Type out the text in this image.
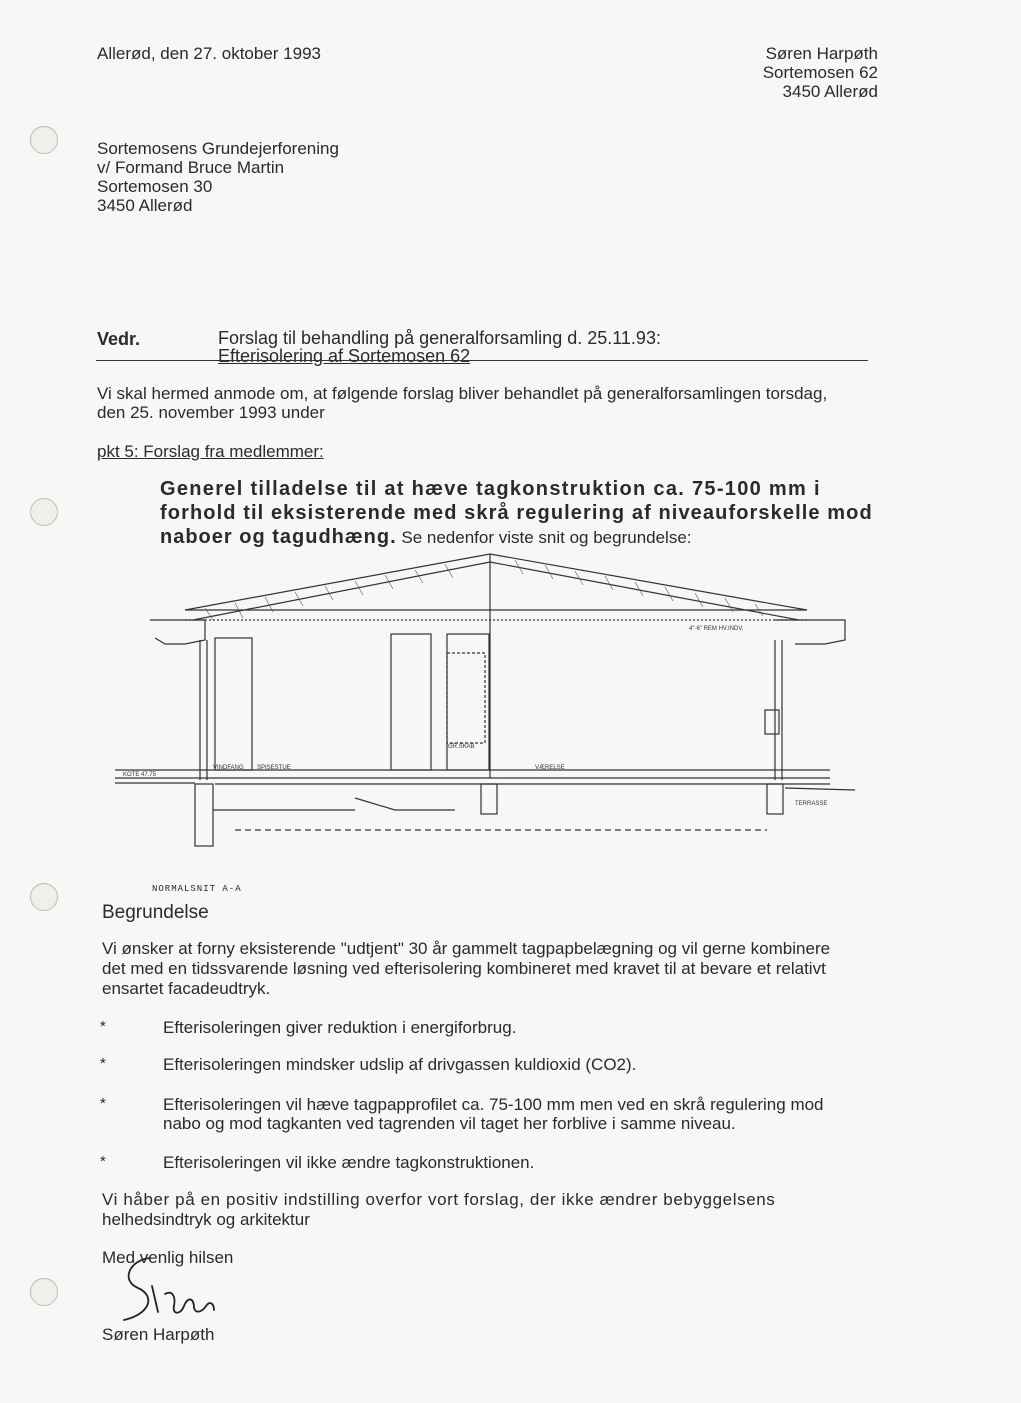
Allerød, den 27. oktober 1993	Søren Harpøth
Sortemosen 62
3450 Allerød
Sortemosens Grundejerforening
v/ Formand Bruce Martin
Sortemosen 30
3450 Allerød
Vedr.	Forslag til behandling på generalforsamling d. 25.11.93:
Efterisolering af Sortemosen 62
Vi skal hermed anmode om, at følgende forslag bliver behandlet på generalforsamlingen torsdag,
den 25. november 1993 under
pkt 5: Forslag fra medlemmer:
Generel tilladelse til at hæve tagkonstruktion ca. 75-100 mm i
forhold til eksisterende med skrå regulering af niveauforskelle mod
naboer og tagudhæng. Se nedenfor viste snit og begrundelse:
GR.SKAB
VINDFANG SPISESTUE	VÆRELSE
TERRASSE
KOTE 47.75
4"·6" REM HV.INDV.
NORMALSNIT A-A
Begrundelse
Vi ønsker at forny eksisterende "udtjent" 30 år gammelt tagpapbelægning og vil gerne kombinere
det med en tidssvarende løsning ved efterisolering kombineret med kravet til at bevare et relativt
ensartet facadeudtryk.
*	Efterisoleringen giver reduktion i energiforbrug.
*	Efterisoleringen mindsker udslip af drivgassen kuldioxid (CO2).
*	Efterisoleringen vil hæve tagpapprofilet ca. 75-100 mm men ved en skrå regulering mod
nabo og mod tagkanten ved tagrenden vil taget her forblive i samme niveau.
*	Efterisoleringen vil ikke ændre tagkonstruktionen.
Vi håber på en positiv indstilling overfor vort forslag, der ikke ændrer bebyggelsens
helhedsindtryk og arkitektur
Med venlig hilsen
Søren Harpøth
